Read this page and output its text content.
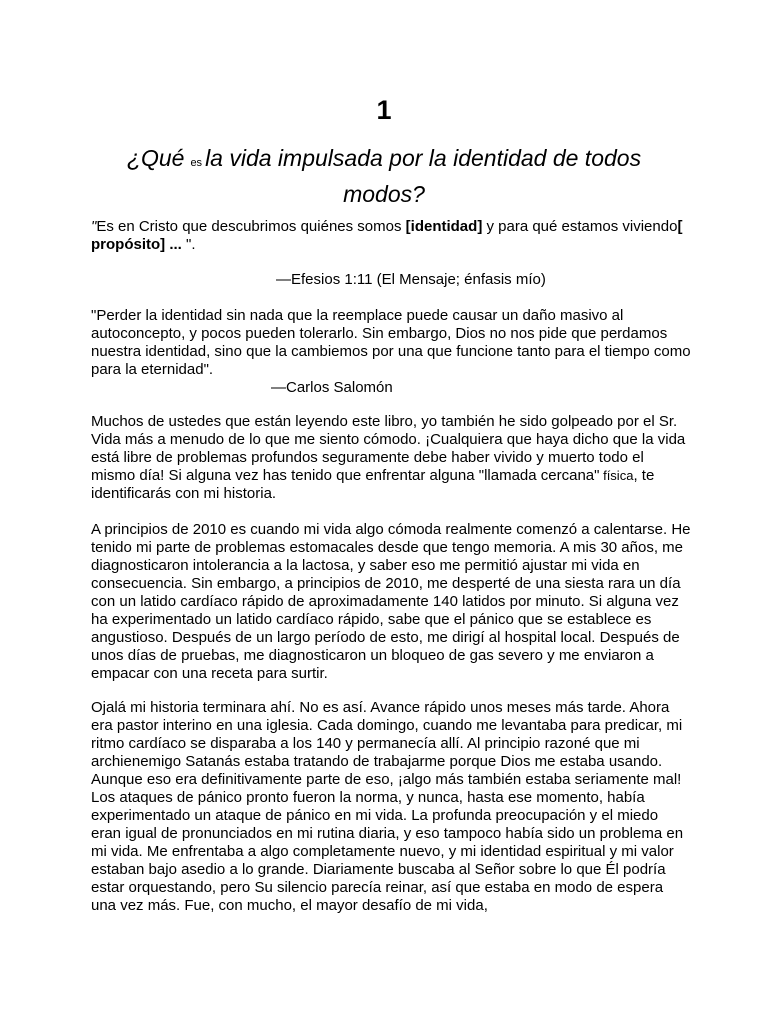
1
¿Qué es la vida impulsada por la identidad de todos modos?
"Es en Cristo que descubrimos quiénes somos [identidad] y para qué estamos viviendo[ propósito] ... ".
—Efesios 1:11 (El Mensaje; énfasis mío)
"Perder la identidad sin nada que la reemplace puede causar un daño masivo al autoconcepto, y pocos pueden tolerarlo. Sin embargo, Dios no nos pide que perdamos nuestra identidad, sino que la cambiemos por una que funcione tanto para el tiempo como para la eternidad".
—Carlos Salomón
Muchos de ustedes que están leyendo este libro, yo también he sido golpeado por el Sr. Vida más a menudo de lo que me siento cómodo. ¡Cualquiera que haya dicho que la vida está libre de problemas profundos seguramente debe haber vivido y muerto todo el mismo día! Si alguna vez has tenido que enfrentar alguna "llamada cercana" física, te identificarás con mi historia.
A principios de 2010 es cuando mi vida algo cómoda realmente comenzó a calentarse. He tenido mi parte de problemas estomacales desde que tengo memoria. A mis 30 años, me diagnosticaron intolerancia a la lactosa, y saber eso me permitió ajustar mi vida en consecuencia. Sin embargo, a principios de 2010, me desperté de una siesta rara un día con un latido cardíaco rápido de aproximadamente 140 latidos por minuto. Si alguna vez ha experimentado un latido cardíaco rápido, sabe que el pánico que se establece es angustioso. Después de un largo período de esto, me dirigí al hospital local. Después de unos días de pruebas, me diagnosticaron un bloqueo de gas severo y me enviaron a empacar con una receta para surtir.
Ojalá mi historia terminara ahí. No es así. Avance rápido unos meses más tarde. Ahora era pastor interino en una iglesia. Cada domingo, cuando me levantaba para predicar, mi ritmo cardíaco se disparaba a los 140 y permanecía allí. Al principio razoné que mi archienemigo Satanás estaba tratando de trabajarme porque Dios me estaba usando. Aunque eso era definitivamente parte de eso, ¡algo más también estaba seriamente mal! Los ataques de pánico pronto fueron la norma, y nunca, hasta ese momento, había experimentado un ataque de pánico en mi vida. La profunda preocupación y el miedo eran igual de pronunciados en mi rutina diaria, y eso tampoco había sido un problema en mi vida. Me enfrentaba a algo completamente nuevo, y mi identidad espiritual y mi valor estaban bajo asedio a lo grande. Diariamente buscaba al Señor sobre lo que Él podría estar orquestando, pero Su silencio parecía reinar, así que estaba en modo de espera una vez más. Fue, con mucho, el mayor desafío de mi vida,
